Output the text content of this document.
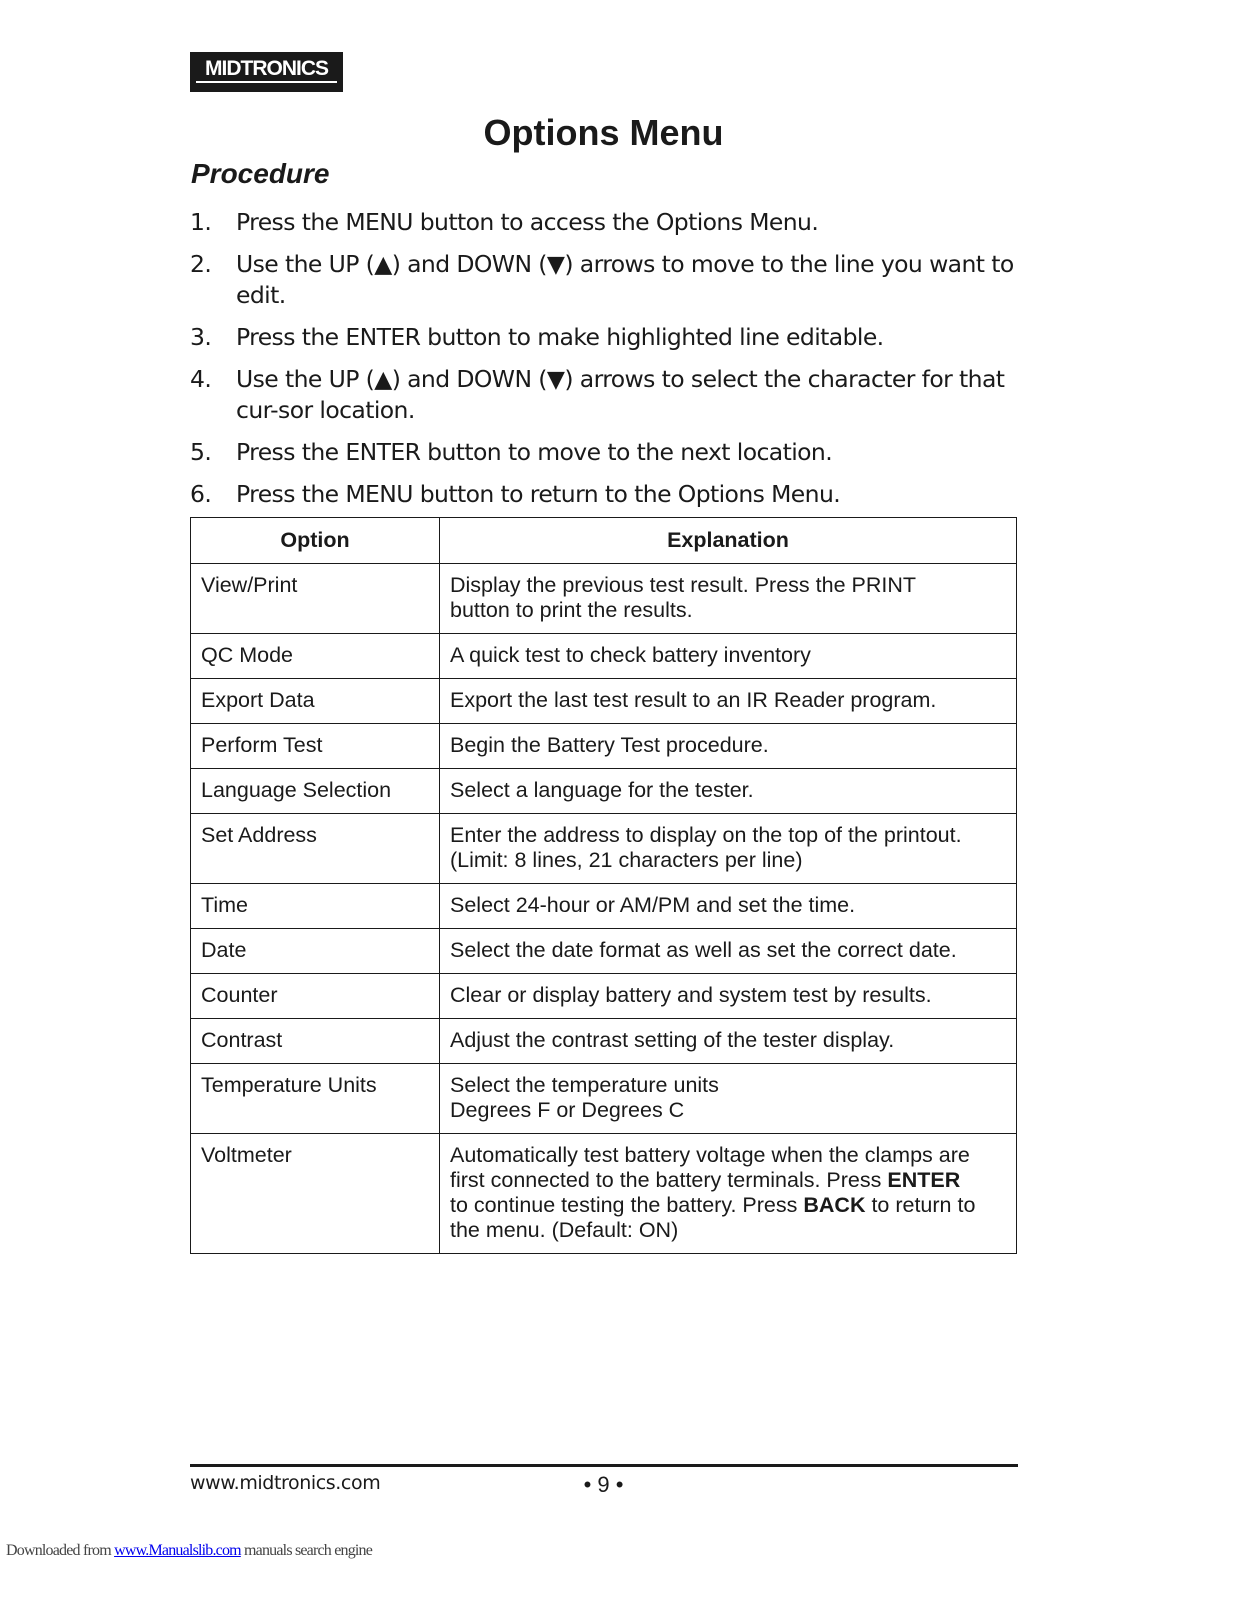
MIDTRONICS
Options Menu
Procedure
1. Press the MENU button to access the Options Menu.
2. Use the UP (▲) and DOWN (▼) arrows to move to the line you want to edit.
3. Press the ENTER button to make highlighted line editable.
4. Use the UP (▲) and DOWN (▼) arrows to select the character for that cur-sor location.
5. Press the ENTER button to move to the next location.
6. Press the MENU button to return to the Options Menu.
Option	Explanation
View/Print	Display the previous test result. Press the PRINT
button to print the results.

QC Mode	A quick test to check battery inventory

Export Data	Export the last test result to an IR Reader program.

Perform Test	Begin the Battery Test procedure.

Language Selection	Select a language for the tester.

Set Address	Enter the address to display on the top of the printout.
(Limit: 8 lines, 21 characters per line)

Time	Select 24-hour or AM/PM and set the time.

Date	Select the date format as well as set the correct date.

Counter	Clear or display battery and system test by results.

Contrast	Adjust the contrast setting of the tester display.

Temperature Units	Select the temperature units
Degrees F or Degrees C

Voltmeter	Automatically test battery voltage when the clamps are
first connected to the battery terminals. Press ENTER
to continue testing the battery. Press BACK to return to
the menu. (Default: ON)
www.midtronics.com	• 9 •
Downloaded from www.Manualslib.com manuals search engine
